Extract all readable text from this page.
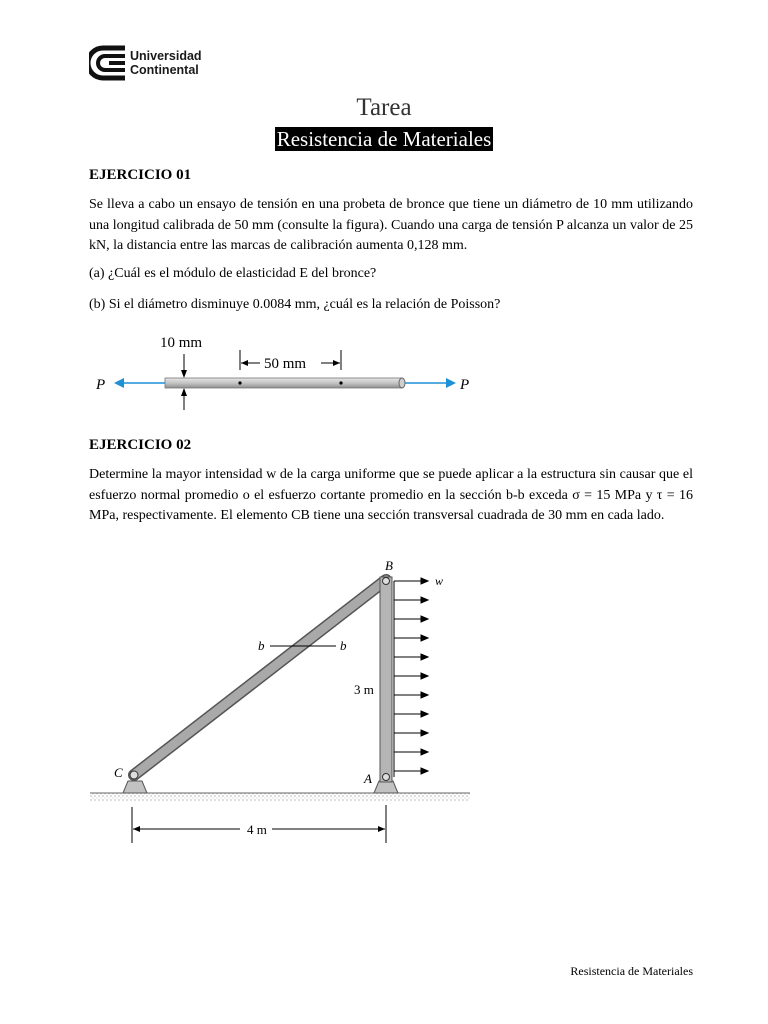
Universidad
Continental
Tarea
Resistencia de Materiales
EJERCICIO 01
Se lleva a cabo un ensayo de tensión en una probeta de bronce que tiene un diámetro de 10 mm utilizando una longitud calibrada de 50 mm (consulte la figura). Cuando una carga de tensión P alcanza un valor de 25 kN, la distancia entre las marcas de calibración aumenta 0,128 mm.
(a) ¿Cuál es el módulo de elasticidad E del bronce?
(b) Si el diámetro disminuye 0.0084 mm, ¿cuál es la relación de Poisson?
10 mm
50 mm
P	P
EJERCICIO 02
Determine la mayor intensidad w de la carga uniforme que se puede aplicar a la estructura sin causar que el esfuerzo normal promedio o el esfuerzo cortante promedio en la sección b-b exceda σ = 15 MPa y τ = 16 MPa, respectivamente. El elemento CB tiene una sección transversal cuadrada de 30 mm en cada lado.
b	b
B
w
A
C
3 m
4 m
Resistencia de Materiales
